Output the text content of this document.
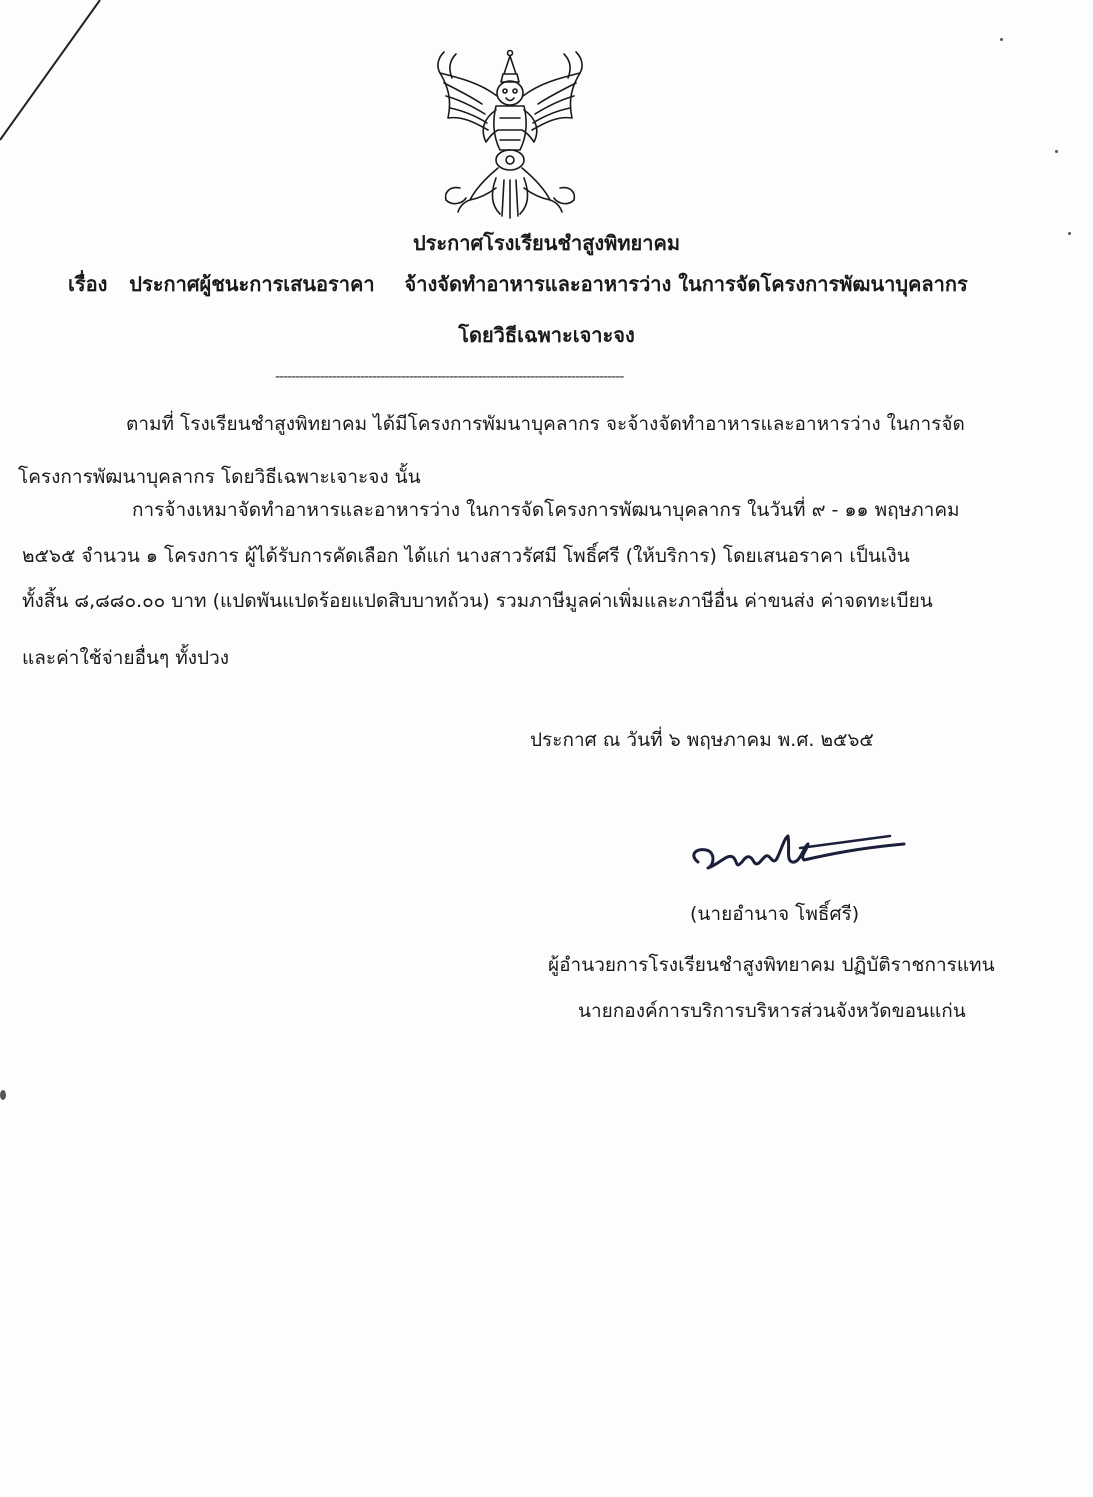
ประกาศโรงเรียนชำสูงพิทยาคม
เรื่อง ประกาศผู้ชนะการเสนอราคา จ้างจัดทำอาหารและอาหารว่าง ในการจัดโครงการพัฒนาบุคลากร
โดยวิธีเฉพาะเจาะจง
--------------------------------------------------------------------------------------
ตามที่ โรงเรียนชำสูงพิทยาคม ได้มีโครงการพัมนาบุคลากร จะจ้างจัดทำอาหารและอาหารว่าง ในการจัด
โครงการพัฒนาบุคลากร โดยวิธีเฉพาะเจาะจง นั้น
การจ้างเหมาจัดทำอาหารและอาหารว่าง ในการจัดโครงการพัฒนาบุคลากร ในวันที่ ๙ - ๑๑ พฤษภาคม
๒๕๖๕ จำนวน ๑ โครงการ ผู้ได้รับการคัดเลือก ได้แก่ นางสาวรัศมี โพธิ์ศรี (ให้บริการ) โดยเสนอราคา เป็นเงิน
ทั้งสิ้น ๘,๘๘๐.๐๐ บาท (แปดพันแปดร้อยแปดสิบบาทถ้วน) รวมภาษีมูลค่าเพิ่มและภาษีอื่น ค่าขนส่ง ค่าจดทะเบียน
และค่าใช้จ่ายอื่นๆ ทั้งปวง
ประกาศ ณ วันที่ ๖ พฤษภาคม พ.ศ. ๒๕๖๕
(นายอำนาจ โพธิ์ศรี)
ผู้อำนวยการโรงเรียนชำสูงพิทยาคม ปฏิบัติราชการแทน
นายกองค์การบริการบริหารส่วนจังหวัดขอนแก่น
